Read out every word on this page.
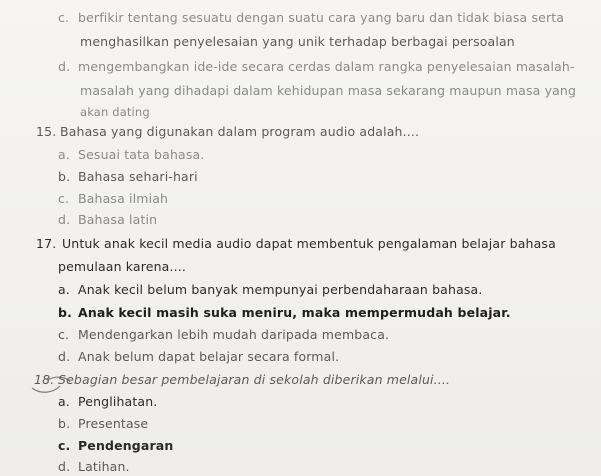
c. berfikir tentang sesuatu dengan suatu cara yang baru dan tidak biasa serta
menghasilkan penyelesaian yang unik terhadap berbagai persoalan
d. mengembangkan ide-ide secara cerdas dalam rangka penyelesaian masalah-
masalah yang dihadapi dalam kehidupan masa sekarang maupun masa yang
akan dating
15. Bahasa yang digunakan dalam program audio adalah....
a. Sesuai tata bahasa.
b. Bahasa sehari-hari
c. Bahasa ilmiah
d. Bahasa latin
17. Untuk anak kecil media audio dapat membentuk pengalaman belajar bahasa
pemulaan karena....
a. Anak kecil belum banyak mempunyai perbendaharaan bahasa.
b. Anak kecil masih suka meniru, maka mempermudah belajar.
c. Mendengarkan lebih mudah daripada membaca.
d. Anak belum dapat belajar secara formal.
18. Sebagian besar pembelajaran di sekolah diberikan melalui....
a. Penglihatan.
b. Presentase
c. Pendengaran
d. Latihan.
